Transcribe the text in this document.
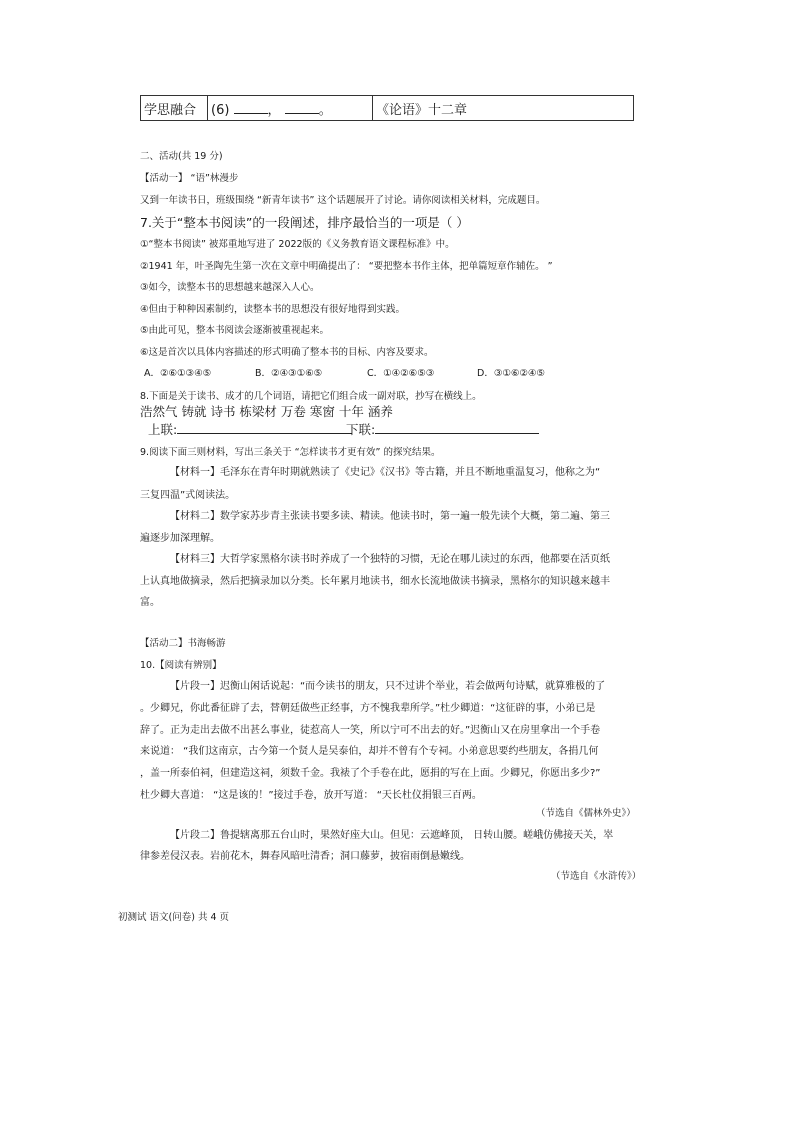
学思融合	(6)	，	。	《论语》十二章
二、活动(共 19 分)
【活动一】 “语”林漫步
又到一年读书日，班级围绕 “新青年读书” 这个话题展开了讨论。请你阅读相关材料，完成题目。
7.关于“整本书阅读”的一段阐述，排序最恰当的一项是（ ）
①“整本书阅读” 被郑重地写进了 2022版的《义务教育语文课程标准》中。
②1941 年，叶圣陶先生第一次在文章中明确提出了： “要把整本书作主体，把单篇短章作辅佐。 ”
③如今，读整本书的思想越来越深入人心。
④但由于种种因素制约，读整本书的思想没有很好地得到实践。
⑤由此可见，整本书阅读会逐渐被重视起来。
⑥这是首次以具体内容描述的形式明确了整本书的目标、内容及要求。
A．②⑥①③④⑤	B．②④③①⑥⑤	C．①④②⑥⑤③	D．③①⑥②④⑤
8.下面是关于读书、成才的几个词语，请把它们组合成一副对联，抄写在横线上。
浩然气 铸就 诗书 栋梁材 万卷 寒窗 十年 涵养
上联:	下联:
9.阅读下面三则材料，写出三条关于 “怎样读书才更有效” 的探究结果。
【材料一】毛泽东在青年时期就熟读了《史记》《汉书》等古籍，并且不断地重温复习，他称之为“
三复四温”式阅读法。
【材料二】数学家苏步青主张读书要多读、精读。他读书时，第一遍一般先读个大概，第二遍、第三
遍逐步加深理解。
【材料三】大哲学家黑格尔读书时养成了一个独特的习惯，无论在哪儿读过的东西，他都要在活页纸
上认真地做摘录，然后把摘录加以分类。长年累月地读书，细水长流地做读书摘录，黑格尔的知识越来越丰
富。
【活动二】书海畅游
10.【阅读有辨别】
【片段一】迟衡山闲话说起：“而今读书的朋友，只不过讲个举业，若会做两句诗赋，就算雅极的了
。少卿兄，你此番征辟了去，替朝廷做些正经事，方不愧我辈所学。”杜少卿道：“这征辟的事，小弟已是
辞了。正为走出去做不出甚么事业，徒惹高人一笑，所以宁可不出去的好。”迟衡山又在房里拿出一个手卷
来说道： “我们这南京，古今第一个贤人是吴泰伯，却并不曾有个专祠。小弟意思要约些朋友，各捐几何
，盖一所泰伯祠，但建造这祠，须数千金。我裱了个手卷在此，愿捐的写在上面。少卿兄，你愿出多少?”
杜少卿大喜道： “这是该的！”接过手卷，放开写道： “天长杜仪捐银三百两。
（节选自《儒林外史》）
【片段二】鲁提辖离那五台山时，果然好座大山。但见：云遮峰顶， 日转山腰。嵯峨仿佛接天关，崒
律参差侵汉表。岩前花木，舞春风暗吐清香；洞口藤萝，披宿雨倒悬嫩线。
（节选自《水浒传》）
初测试 语文(问卷) 共 4 页
